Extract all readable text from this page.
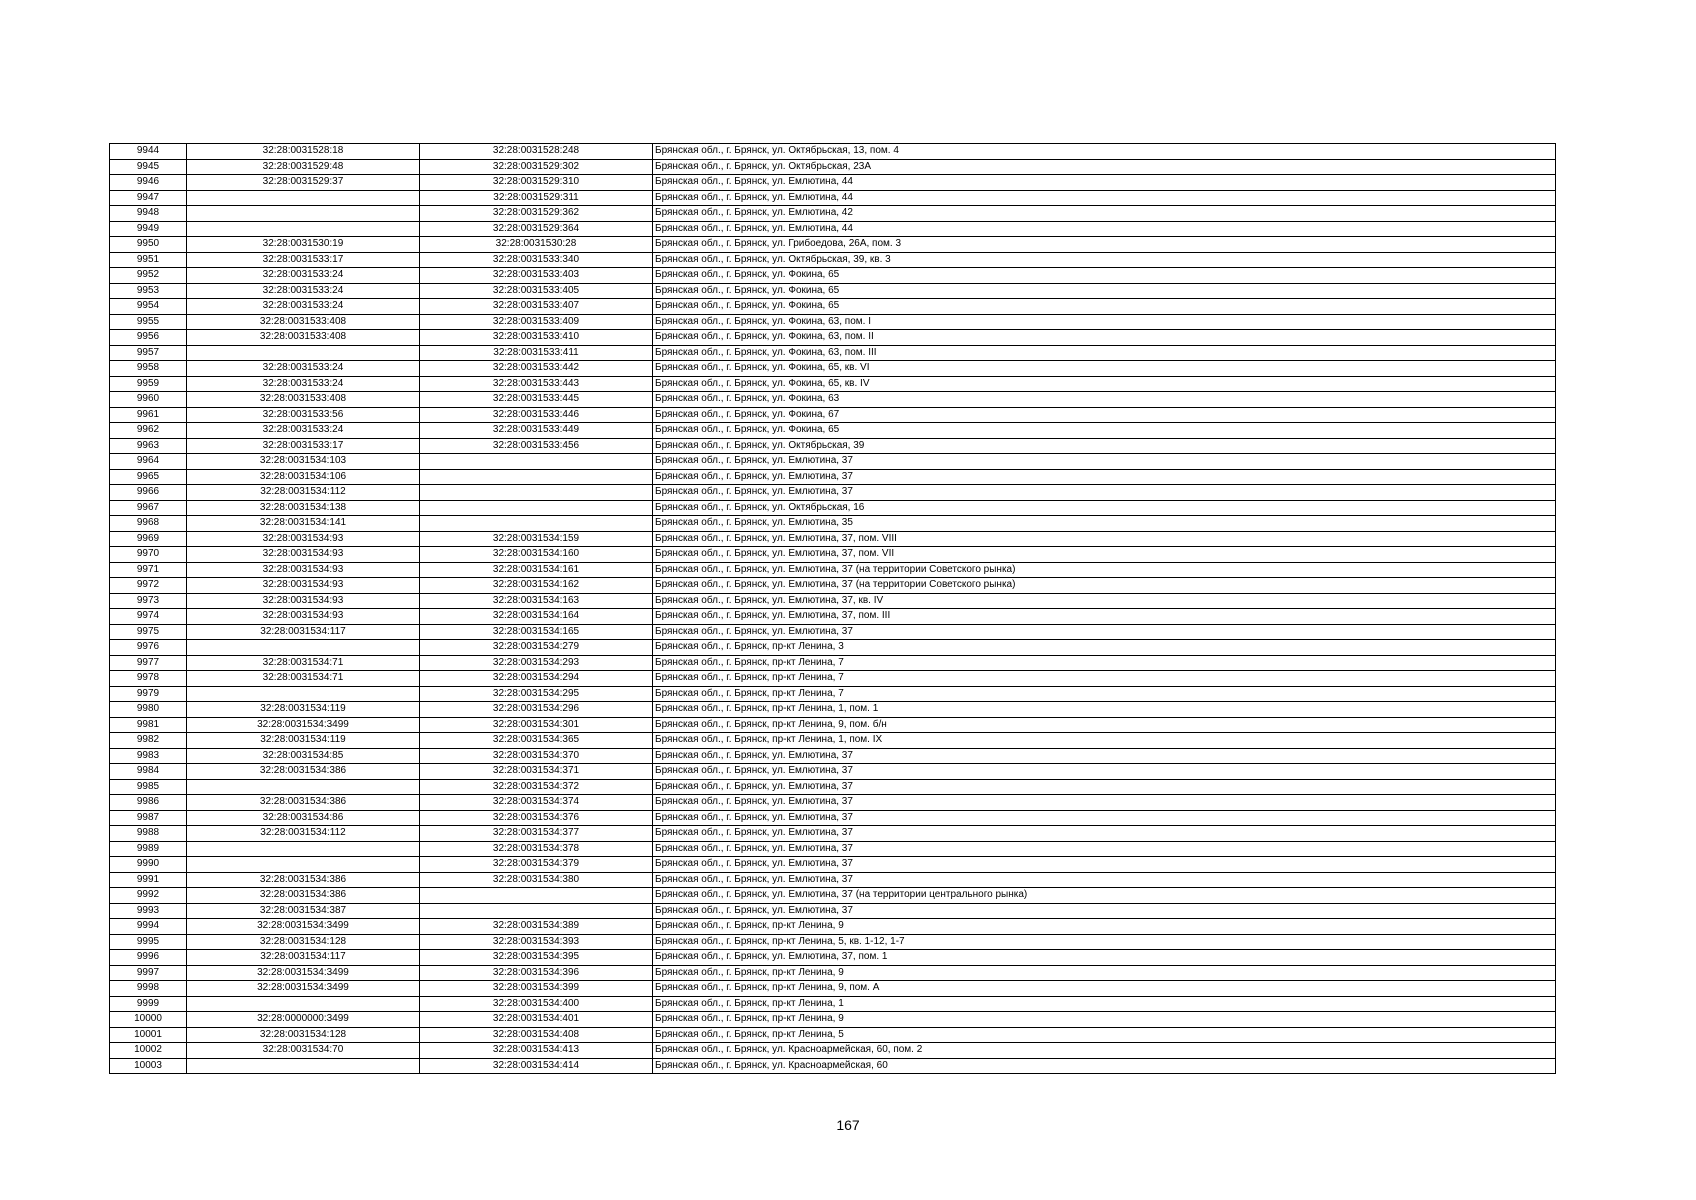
9944	32:28:0031528:18	32:28:0031528:248	Брянская обл., г. Брянск, ул. Октябрьская, 13, пом. 4
9945	32:28:0031529:48	32:28:0031529:302	Брянская обл., г. Брянск, ул. Октябрьская, 23А
9946	32:28:0031529:37	32:28:0031529:310	Брянская обл., г. Брянск, ул. Емлютина, 44
9947		32:28:0031529:311	Брянская обл., г. Брянск, ул. Емлютина, 44
9948		32:28:0031529:362	Брянская обл., г. Брянск, ул. Емлютина, 42
9949		32:28:0031529:364	Брянская обл., г. Брянск, ул. Емлютина, 44
9950	32:28:0031530:19	32:28:0031530:28	Брянская обл., г. Брянск, ул. Грибоедова, 26А, пом. 3
9951	32:28:0031533:17	32:28:0031533:340	Брянская обл., г. Брянск, ул. Октябрьская, 39, кв. 3
9952	32:28:0031533:24	32:28:0031533:403	Брянская обл., г. Брянск, ул. Фокина, 65
9953	32:28:0031533:24	32:28:0031533:405	Брянская обл., г. Брянск, ул. Фокина, 65
9954	32:28:0031533:24	32:28:0031533:407	Брянская обл., г. Брянск, ул. Фокина, 65
9955	32:28:0031533:408	32:28:0031533:409	Брянская обл., г. Брянск, ул. Фокина, 63, пом. I
9956	32:28:0031533:408	32:28:0031533:410	Брянская обл., г. Брянск, ул. Фокина, 63, пом. II
9957		32:28:0031533:411	Брянская обл., г. Брянск, ул. Фокина, 63, пом. III
9958	32:28:0031533:24	32:28:0031533:442	Брянская обл., г. Брянск, ул. Фокина, 65, кв. VI
9959	32:28:0031533:24	32:28:0031533:443	Брянская обл., г. Брянск, ул. Фокина, 65, кв. IV
9960	32:28:0031533:408	32:28:0031533:445	Брянская обл., г. Брянск, ул. Фокина, 63
9961	32:28:0031533:56	32:28:0031533:446	Брянская обл., г. Брянск, ул. Фокина, 67
9962	32:28:0031533:24	32:28:0031533:449	Брянская обл., г. Брянск, ул. Фокина, 65
9963	32:28:0031533:17	32:28:0031533:456	Брянская обл., г. Брянск, ул. Октябрьская, 39
9964	32:28:0031534:103		Брянская обл., г. Брянск, ул. Емлютина, 37
9965	32:28:0031534:106		Брянская обл., г. Брянск, ул. Емлютина, 37
9966	32:28:0031534:112		Брянская обл., г. Брянск, ул. Емлютина, 37
9967	32:28:0031534:138		Брянская обл., г. Брянск, ул. Октябрьская, 16
9968	32:28:0031534:141		Брянская обл., г. Брянск, ул. Емлютина, 35
9969	32:28:0031534:93	32:28:0031534:159	Брянская обл., г. Брянск, ул. Емлютина, 37, пом. VIII
9970	32:28:0031534:93	32:28:0031534:160	Брянская обл., г. Брянск, ул. Емлютина, 37, пом. VII
9971	32:28:0031534:93	32:28:0031534:161	Брянская обл., г. Брянск, ул. Емлютина, 37 (на территории Советского рынка)
9972	32:28:0031534:93	32:28:0031534:162	Брянская обл., г. Брянск, ул. Емлютина, 37 (на территории Советского рынка)
9973	32:28:0031534:93	32:28:0031534:163	Брянская обл., г. Брянск, ул. Емлютина, 37, кв. IV
9974	32:28:0031534:93	32:28:0031534:164	Брянская обл., г. Брянск, ул. Емлютина, 37, пом. III
9975	32:28:0031534:117	32:28:0031534:165	Брянская обл., г. Брянск, ул. Емлютина, 37
9976		32:28:0031534:279	Брянская обл., г. Брянск, пр-кт Ленина, 3
9977	32:28:0031534:71	32:28:0031534:293	Брянская обл., г. Брянск, пр-кт Ленина, 7
9978	32:28:0031534:71	32:28:0031534:294	Брянская обл., г. Брянск, пр-кт Ленина, 7
9979		32:28:0031534:295	Брянская обл., г. Брянск, пр-кт Ленина, 7
9980	32:28:0031534:119	32:28:0031534:296	Брянская обл., г. Брянск, пр-кт Ленина, 1, пом. 1
9981	32:28:0031534:3499	32:28:0031534:301	Брянская обл., г. Брянск, пр-кт Ленина, 9, пом. б/н
9982	32:28:0031534:119	32:28:0031534:365	Брянская обл., г. Брянск, пр-кт Ленина, 1, пом. IX
9983	32:28:0031534:85	32:28:0031534:370	Брянская обл., г. Брянск, ул. Емлютина, 37
9984	32:28:0031534:386	32:28:0031534:371	Брянская обл., г. Брянск, ул. Емлютина, 37
9985		32:28:0031534:372	Брянская обл., г. Брянск, ул. Емлютина, 37
9986	32:28:0031534:386	32:28:0031534:374	Брянская обл., г. Брянск, ул. Емлютина, 37
9987	32:28:0031534:86	32:28:0031534:376	Брянская обл., г. Брянск, ул. Емлютина, 37
9988	32:28:0031534:112	32:28:0031534:377	Брянская обл., г. Брянск, ул. Емлютина, 37
9989		32:28:0031534:378	Брянская обл., г. Брянск, ул. Емлютина, 37
9990		32:28:0031534:379	Брянская обл., г. Брянск, ул. Емлютина, 37
9991	32:28:0031534:386	32:28:0031534:380	Брянская обл., г. Брянск, ул. Емлютина, 37
9992	32:28:0031534:386		Брянская обл., г. Брянск, ул. Емлютина, 37 (на территории центрального рынка)
9993	32:28:0031534:387		Брянская обл., г. Брянск, ул. Емлютина, 37
9994	32:28:0031534:3499	32:28:0031534:389	Брянская обл., г. Брянск, пр-кт Ленина, 9
9995	32:28:0031534:128	32:28:0031534:393	Брянская обл., г. Брянск, пр-кт Ленина, 5, кв. 1-12, 1-7
9996	32:28:0031534:117	32:28:0031534:395	Брянская обл., г. Брянск, ул. Емлютина, 37, пом. 1
9997	32:28:0031534:3499	32:28:0031534:396	Брянская обл., г. Брянск, пр-кт Ленина, 9
9998	32:28:0031534:3499	32:28:0031534:399	Брянская обл., г. Брянск, пр-кт Ленина, 9, пом. А
9999		32:28:0031534:400	Брянская обл., г. Брянск, пр-кт Ленина, 1
10000	32:28:0000000:3499	32:28:0031534:401	Брянская обл., г. Брянск, пр-кт Ленина, 9
10001	32:28:0031534:128	32:28:0031534:408	Брянская обл., г. Брянск, пр-кт Ленина, 5
10002	32:28:0031534:70	32:28:0031534:413	Брянская обл., г. Брянск, ул. Красноармейская, 60, пом. 2
10003		32:28:0031534:414	Брянская обл., г. Брянск, ул. Красноармейская, 60
167
